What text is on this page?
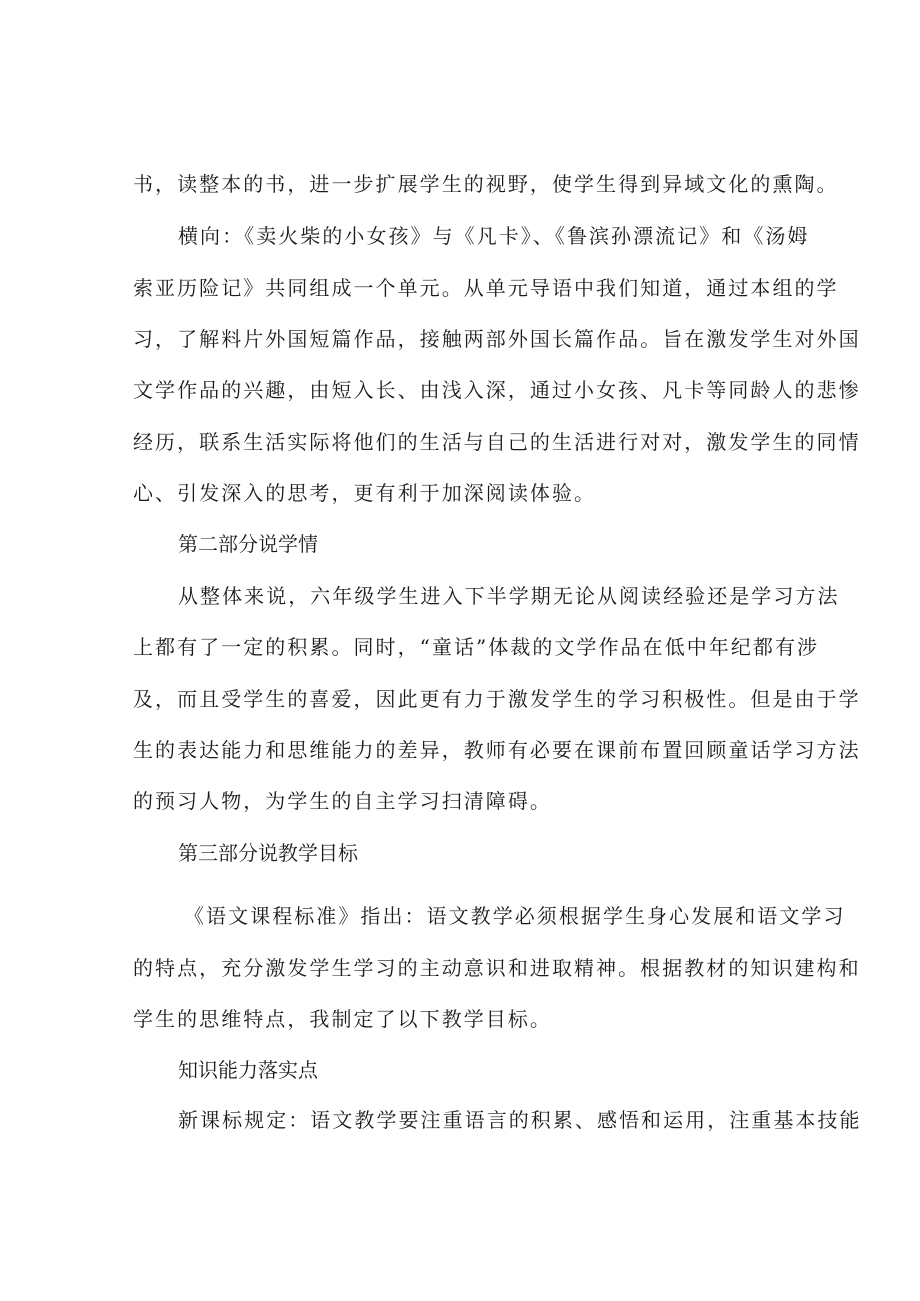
书，读整本的书，进一步扩展学生的视野，使学生得到异域文化的熏陶。
横向：《卖火柴的小女孩》与《凡卡》、《鲁滨孙漂流记》和《汤姆
索亚历险记》共同组成一个单元。从单元导语中我们知道，通过本组的学
习，了解料片外国短篇作品，接触两部外国长篇作品。旨在激发学生对外国
文学作品的兴趣，由短入长、由浅入深，通过小女孩、凡卡等同龄人的悲惨
经历，联系生活实际将他们的生活与自己的生活进行对对，激发学生的同情
心、引发深入的思考，更有利于加深阅读体验。
第二部分说学情
从整体来说，六年级学生进入下半学期无论从阅读经验还是学习方法
上都有了一定的积累。同时，“童话”体裁的文学作品在低中年纪都有涉
及，而且受学生的喜爱，因此更有力于激发学生的学习积极性。但是由于学
生的表达能力和思维能力的差异，教师有必要在课前布置回顾童话学习方法
的预习人物，为学生的自主学习扫清障碍。
第三部分说教学目标
《语文课程标准》指出：语文教学必须根据学生身心发展和语文学习
的特点，充分激发学生学习的主动意识和进取精神。根据教材的知识建构和
学生的思维特点，我制定了以下教学目标。
知识能力落实点
新课标规定：语文教学要注重语言的积累、感悟和运用，注重基本技能
